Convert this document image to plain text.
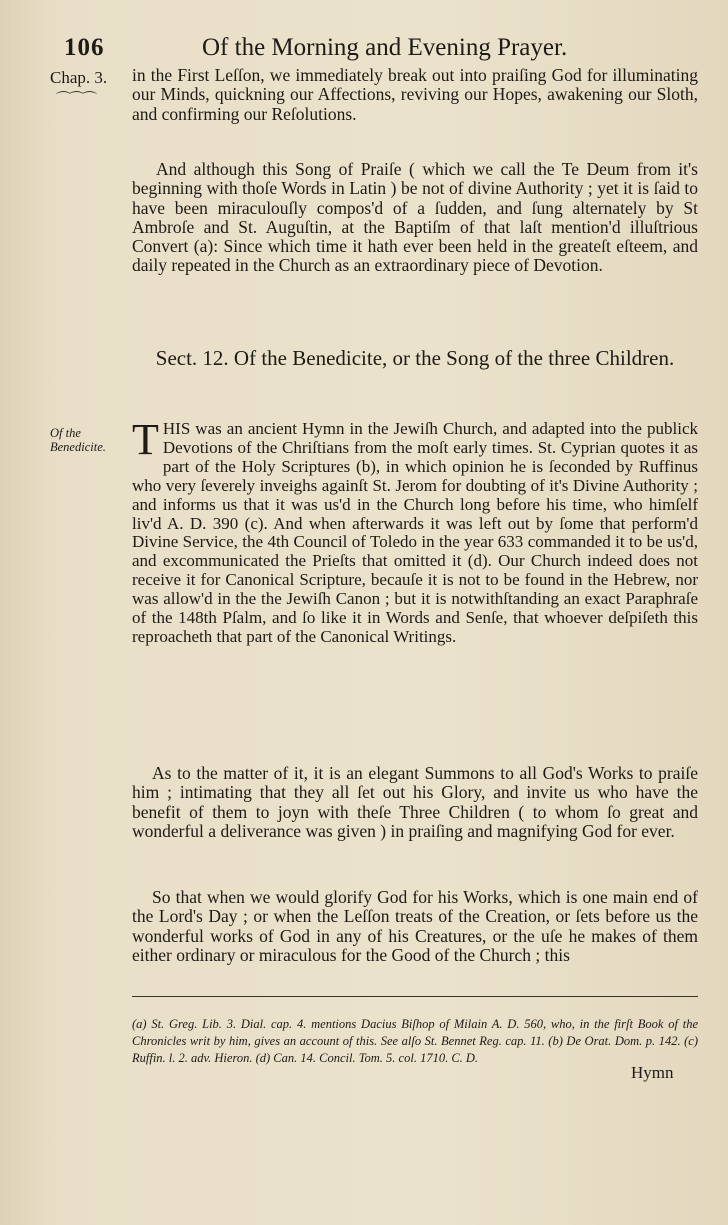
106	Of the Morning and Evening Prayer.
Chap. 3.
⌒⌒⌒
Of the Benedicite.

in the First Leſſon, we immediately break out into praiſing God for illuminating our Minds, quickning our Affections, reviving our Hopes, awakening our Sloth, and confirming our Reſolutions.

And although this Song of Praiſe ( which we call the Te Deum from it's beginning with thoſe Words in Latin ) be not of divine Authority ; yet it is ſaid to have been miraculouſly compos'd of a ſudden, and ſung alternately by St Ambroſe and St. Auguſtin, at the Baptiſm of that laſt mention'd illuſtrious Convert (a): Since which time it hath ever been held in the greateſt eſteem, and daily repeated in the Church as an extraordinary piece of Devotion.

Sect. 12. Of the Benedicite, or the Song of the three Children.

THIS was an ancient Hymn in the Jewiſh Church, and adapted into the publick Devotions of the Chriſtians from the moſt early times. St. Cyprian quotes it as part of the Holy Scriptures (b), in which opinion he is ſeconded by Ruffinus who very ſeverely inveighs againſt St. Jerom for doubting of it's Divine Authority ; and informs us that it was us'd in the Church long before his time, who himſelf liv'd A. D. 390 (c). And when afterwards it was left out by ſome that perform'd Divine Service, the 4th Council of Toledo in the year 633 commanded it to be us'd, and excommunicated the Prieſts that omitted it (d). Our Church indeed does not receive it for Canonical Scripture, becauſe it is not to be found in the Hebrew, nor was allow'd in the the Jewiſh Canon ; but it is notwithſtanding an exact Paraphraſe of the 148th Pſalm, and ſo like it in Words and Senſe, that whoever deſpiſeth this reproacheth that part of the Canonical Writings.

As to the matter of it, it is an elegant Summons to all God's Works to praiſe him ; intimating that they all ſet out his Glory, and invite us who have the benefit of them to joyn with theſe Three Children ( to whom ſo great and wonderful a deliverance was given ) in praiſing and magnifying God for ever.

So that when we would glorify God for his Works, which is one main end of the Lord's Day ; or when the Leſſon treats of the Creation, or ſets before us the wonderful works of God in any of his Creatures, or the uſe he makes of them either ordinary or miraculous for the Good of the Church ; this

(a) St. Greg. Lib. 3. Dial. cap. 4. mentions Dacius Biſhop of Milain A. D. 560, who, in the firſt Book of the Chronicles writ by him, gives an account of this. See alſo St. Bennet Reg. cap. 11. (b) De Orat. Dom. p. 142. (c) Ruffin. l. 2. adv. Hieron. (d) Can. 14. Concil. Tom. 5. col. 1710. C. D.

Hymn
